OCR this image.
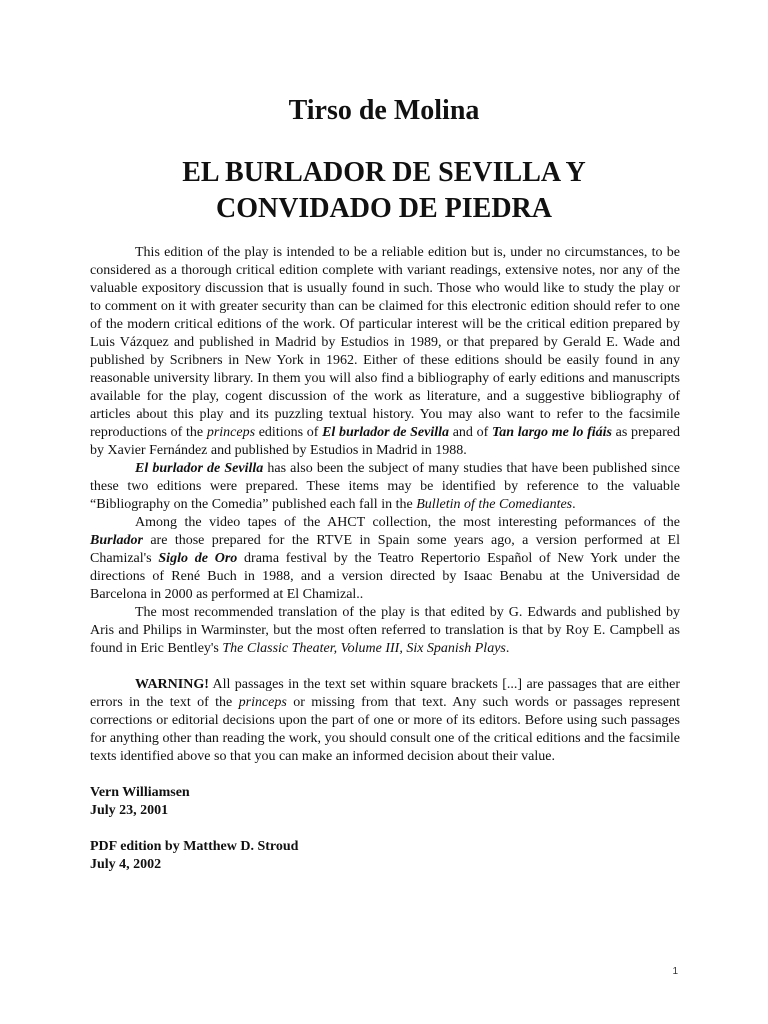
Tirso de Molina
EL BURLADOR DE SEVILLA Y
CONVIDADO DE PIEDRA

This edition of the play is intended to be a reliable edition but is, under no circumstances, to be considered as a thorough critical edition complete with variant readings, extensive notes, nor any of the valuable expository discussion that is usually found in such. Those who would like to study the play or to comment on it with greater security than can be claimed for this electronic edition should refer to one of the modern critical editions of the work. Of particular interest will be the critical edition prepared by Luis Vázquez and published in Madrid by Estudios in 1989, or that prepared by Gerald E. Wade and published by Scribners in New York in 1962. Either of these editions should be easily found in any reasonable university library. In them you will also find a bibliography of early editions and manuscripts available for the play, cogent discussion of the work as literature, and a suggestive bibliography of articles about this play and its puzzling textual history. You may also want to refer to the facsimile reproductions of the princeps editions of El burlador de Sevilla and of Tan largo me lo fiáis as prepared by Xavier Fernández and published by Estudios in Madrid in 1988.

El burlador de Sevilla has also been the subject of many studies that have been published since these two editions were prepared. These items may be identified by reference to the valuable “Bibliography on the Comedia” published each fall in the Bulletin of the Comediantes.

Among the video tapes of the AHCT collection, the most interesting peformances of the Burlador are those prepared for the RTVE in Spain some years ago, a version performed at El Chamizal's Siglo de Oro drama festival by the Teatro Repertorio Español of New York under the directions of René Buch in 1988, and a version directed by Isaac Benabu at the Universidad de Barcelona in 2000 as performed at El Chamizal..

The most recommended translation of the play is that edited by G. Edwards and published by Aris and Philips in Warminster, but the most often referred to translation is that by Roy E. Campbell as found in Eric Bentley's The Classic Theater, Volume III, Six Spanish Plays.

WARNING! All passages in the text set within square brackets [...] are passages that are either errors in the text of the princeps or missing from that text. Any such words or passages represent corrections or editorial decisions upon the part of one or more of its editors. Before using such passages for anything other than reading the work, you should consult one of the critical editions and the facsimile texts identified above so that you can make an informed decision about their value.

Vern Williamsen
July 23, 2001
PDF edition by Matthew D. Stroud
July 4, 2002
1
